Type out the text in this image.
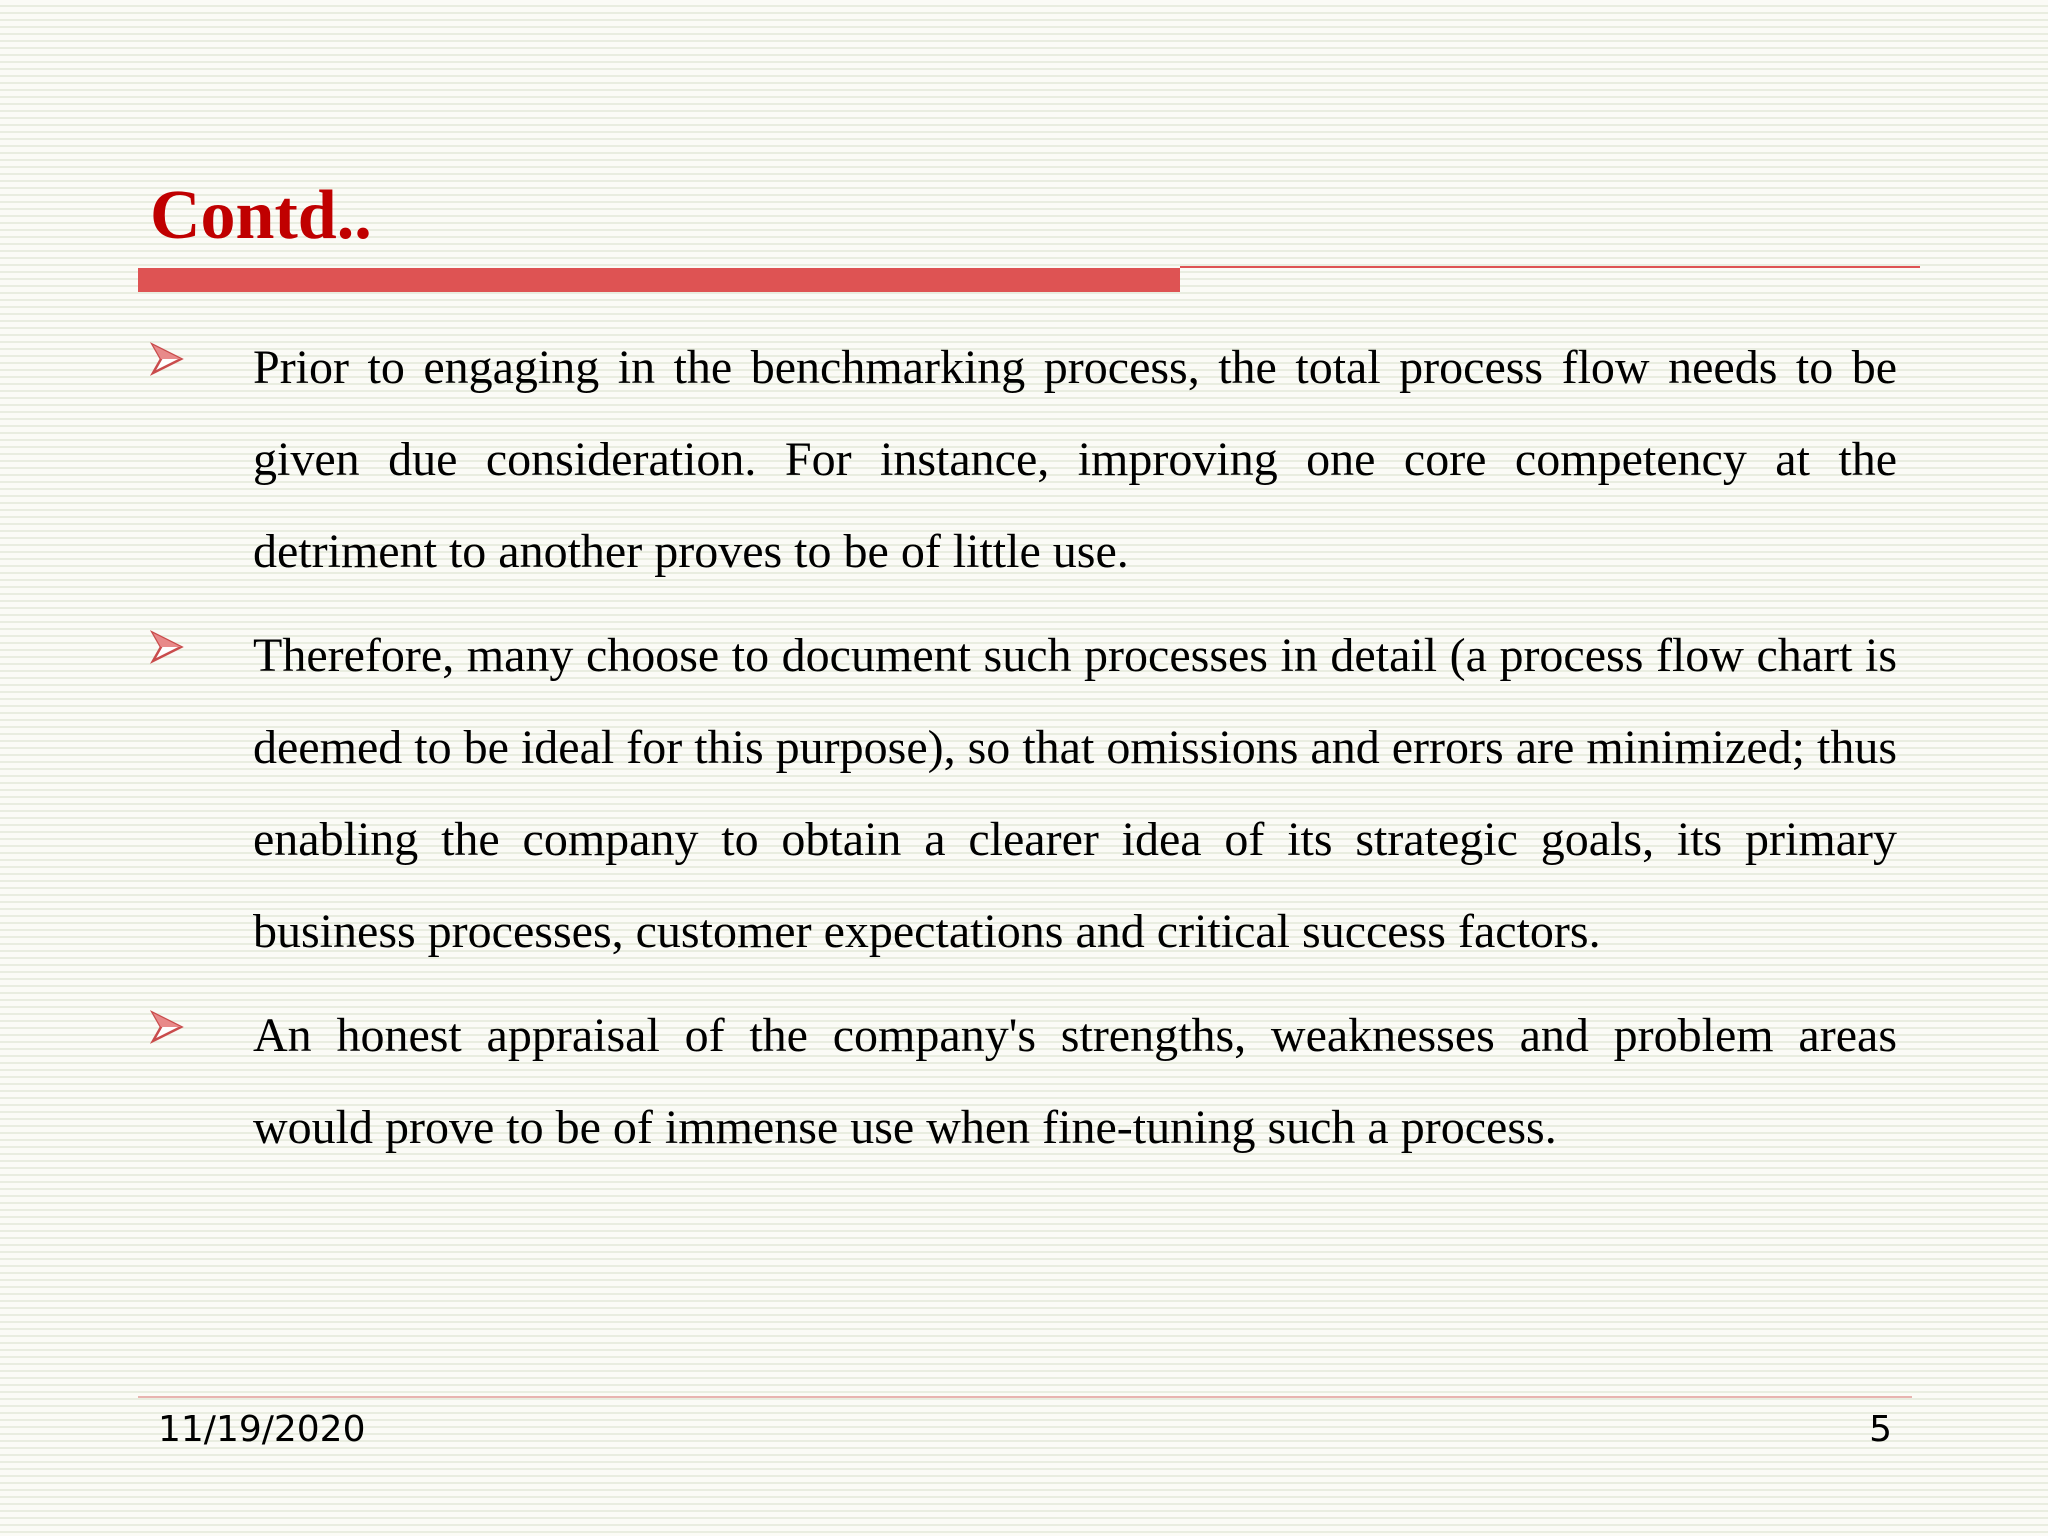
Contd..

Prior to engaging in the benchmarking process, the total process flow needs to be given due consideration. For instance, improving one core competency at the detriment to another proves to be of little use.

Therefore, many choose to document such processes in detail (a process flow chart is deemed to be ideal for this purpose), so that omissions and errors are minimized; thus enabling the company to obtain a clearer idea of its strategic goals, its primary business processes, customer expectations and critical success factors.

An honest appraisal of the company's strengths, weaknesses and problem areas would prove to be of immense use when fine-tuning such a process.

11/19/2020	5
